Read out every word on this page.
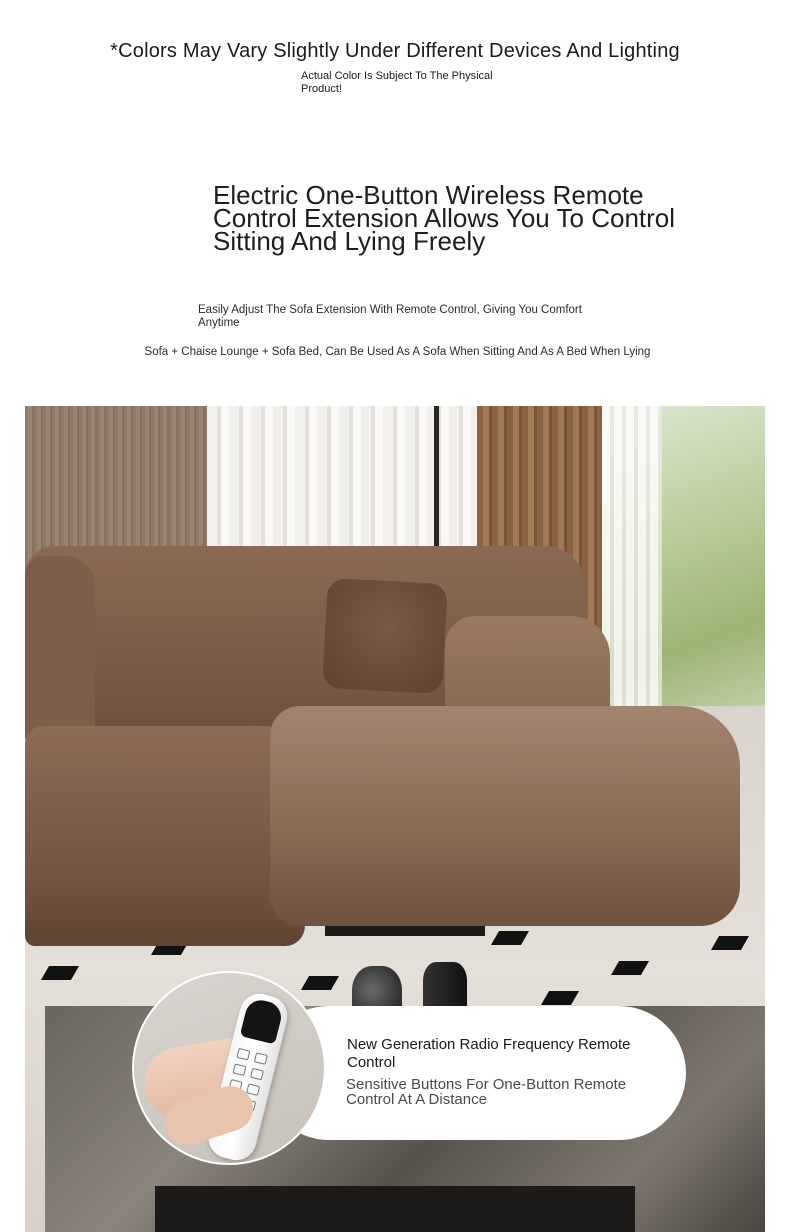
*Colors May Vary Slightly Under Different Devices And Lighting
Actual Color Is Subject To The Physical Product!
Electric One-Button Wireless Remote Control Extension Allows You To Control Sitting And Lying Freely
Easily Adjust The Sofa Extension With Remote Control, Giving You Comfort Anytime
Sofa + Chaise Lounge + Sofa Bed, Can Be Used As A Sofa When Sitting And As A Bed When Lying
New Generation Radio Frequency Remote Control
Sensitive Buttons For One-Button Remote Control At A Distance
